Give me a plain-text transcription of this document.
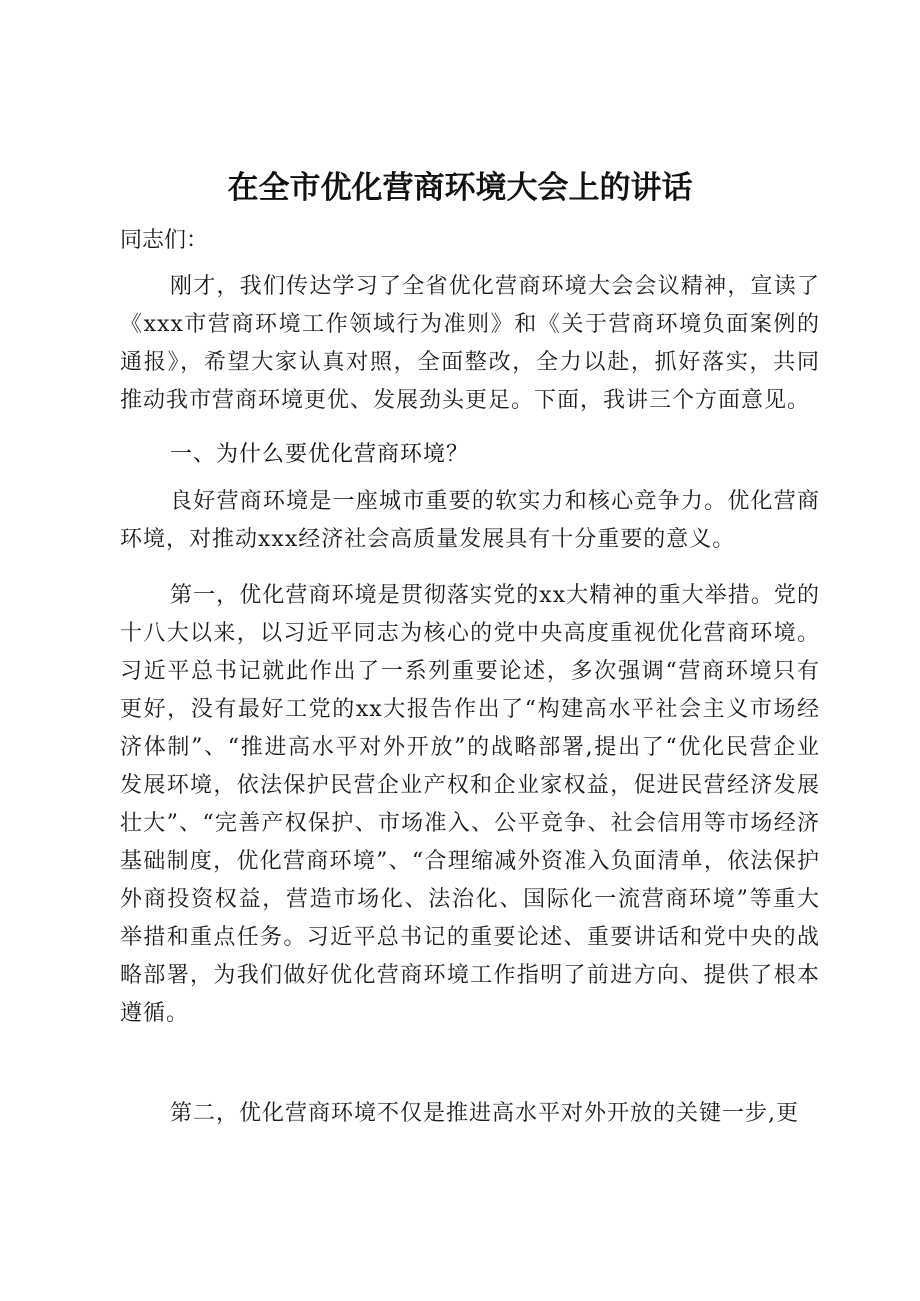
在全市优化营商环境大会上的讲话
同志们：
刚才，我们传达学习了全省优化营商环境大会会议精神，宣读了《xxx市营商环境工作领域行为准则》和《关于营商环境负面案例的通报》，希望大家认真对照，全面整改，全力以赴，抓好落实，共同推动我市营商环境更优、发展劲头更足。下面，我讲三个方面意见。
一、为什么要优化营商环境？
良好营商环境是一座城市重要的软实力和核心竞争力。优化营商环境，对推动xxx经济社会高质量发展具有十分重要的意义。
第一，优化营商环境是贯彻落实党的xx大精神的重大举措。党的十八大以来，以习近平同志为核心的党中央高度重视优化营商环境。习近平总书记就此作出了一系列重要论述，多次强调“营商环境只有更好，没有最好工党的xx大报告作出了“构建高水平社会主义市场经济体制”、“推进高水平对外开放”的战略部署,提出了“优化民营企业发展环境，依法保护民营企业产权和企业家权益，促进民营经济发展壮大”、“完善产权保护、市场准入、公平竞争、社会信用等市场经济基础制度，优化营商环境”、“合理缩减外资准入负面清单，依法保护外商投资权益，营造市场化、法治化、国际化一流营商环境”等重大举措和重点任务。习近平总书记的重要论述、重要讲话和党中央的战略部署，为我们做好优化营商环境工作指明了前进方向、提供了根本遵循。
第二，优化营商环境不仅是推进高水平对外开放的关键一步,更
